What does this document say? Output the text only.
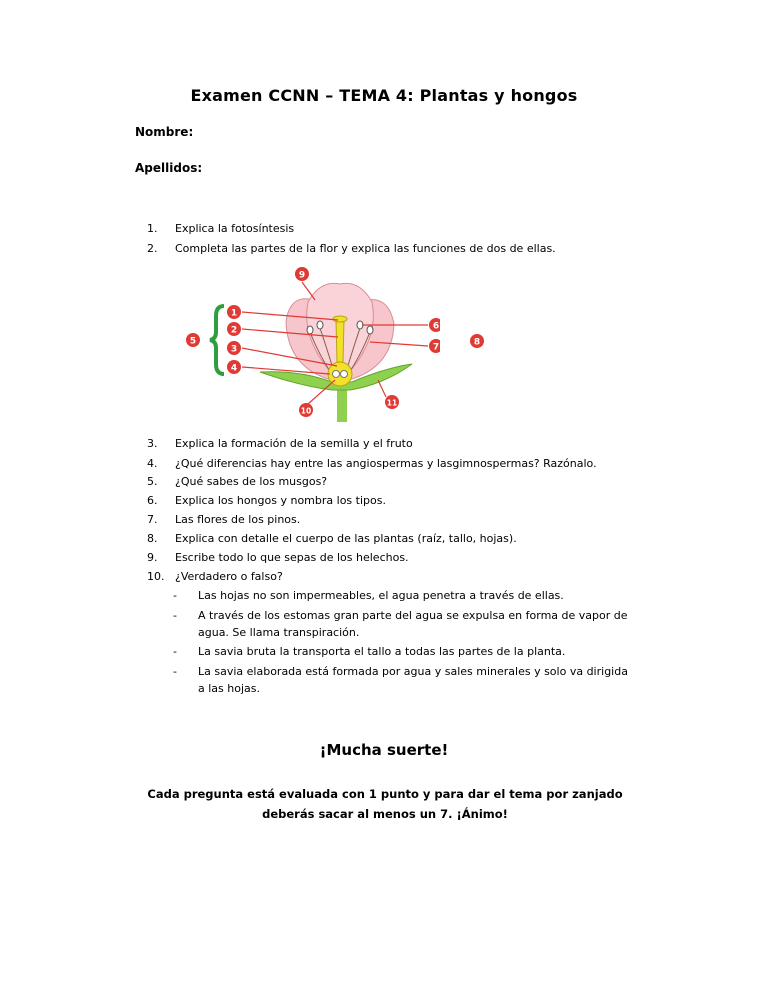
Examen CCNN – TEMA 4: Plantas y hongos
Nombre:
Apellidos:
1. Explica la fotosíntesis
2. Completa las partes de la flor y explica las funciones de dos de ellas.
1
2
3
4
5
6
7
9
10
11
8
3. Explica la formación de la semilla y el fruto
4. ¿Qué diferencias hay entre las angiospermas y lasgimnospermas? Razónalo.
5. ¿Qué sabes de los musgos?
6. Explica los hongos y nombra los tipos.
7. Las flores de los pinos.
8. Explica con detalle el cuerpo de las plantas (raíz, tallo, hojas).
9. Escribe todo lo que sepas de los helechos.
10. ¿Verdadero o falso?
- Las hojas no son impermeables, el agua penetra a través de ellas.
- A través de los estomas gran parte del agua se expulsa en forma de vapor de agua. Se llama transpiración.
- La savia bruta la transporta el tallo a todas las partes de la planta.
- La savia elaborada está formada por agua y sales minerales y solo va dirigida a las hojas.
¡Mucha suerte!
Cada pregunta está evaluada con 1 punto y para dar el tema por zanjado deberás sacar al menos un 7. ¡Ánimo!
